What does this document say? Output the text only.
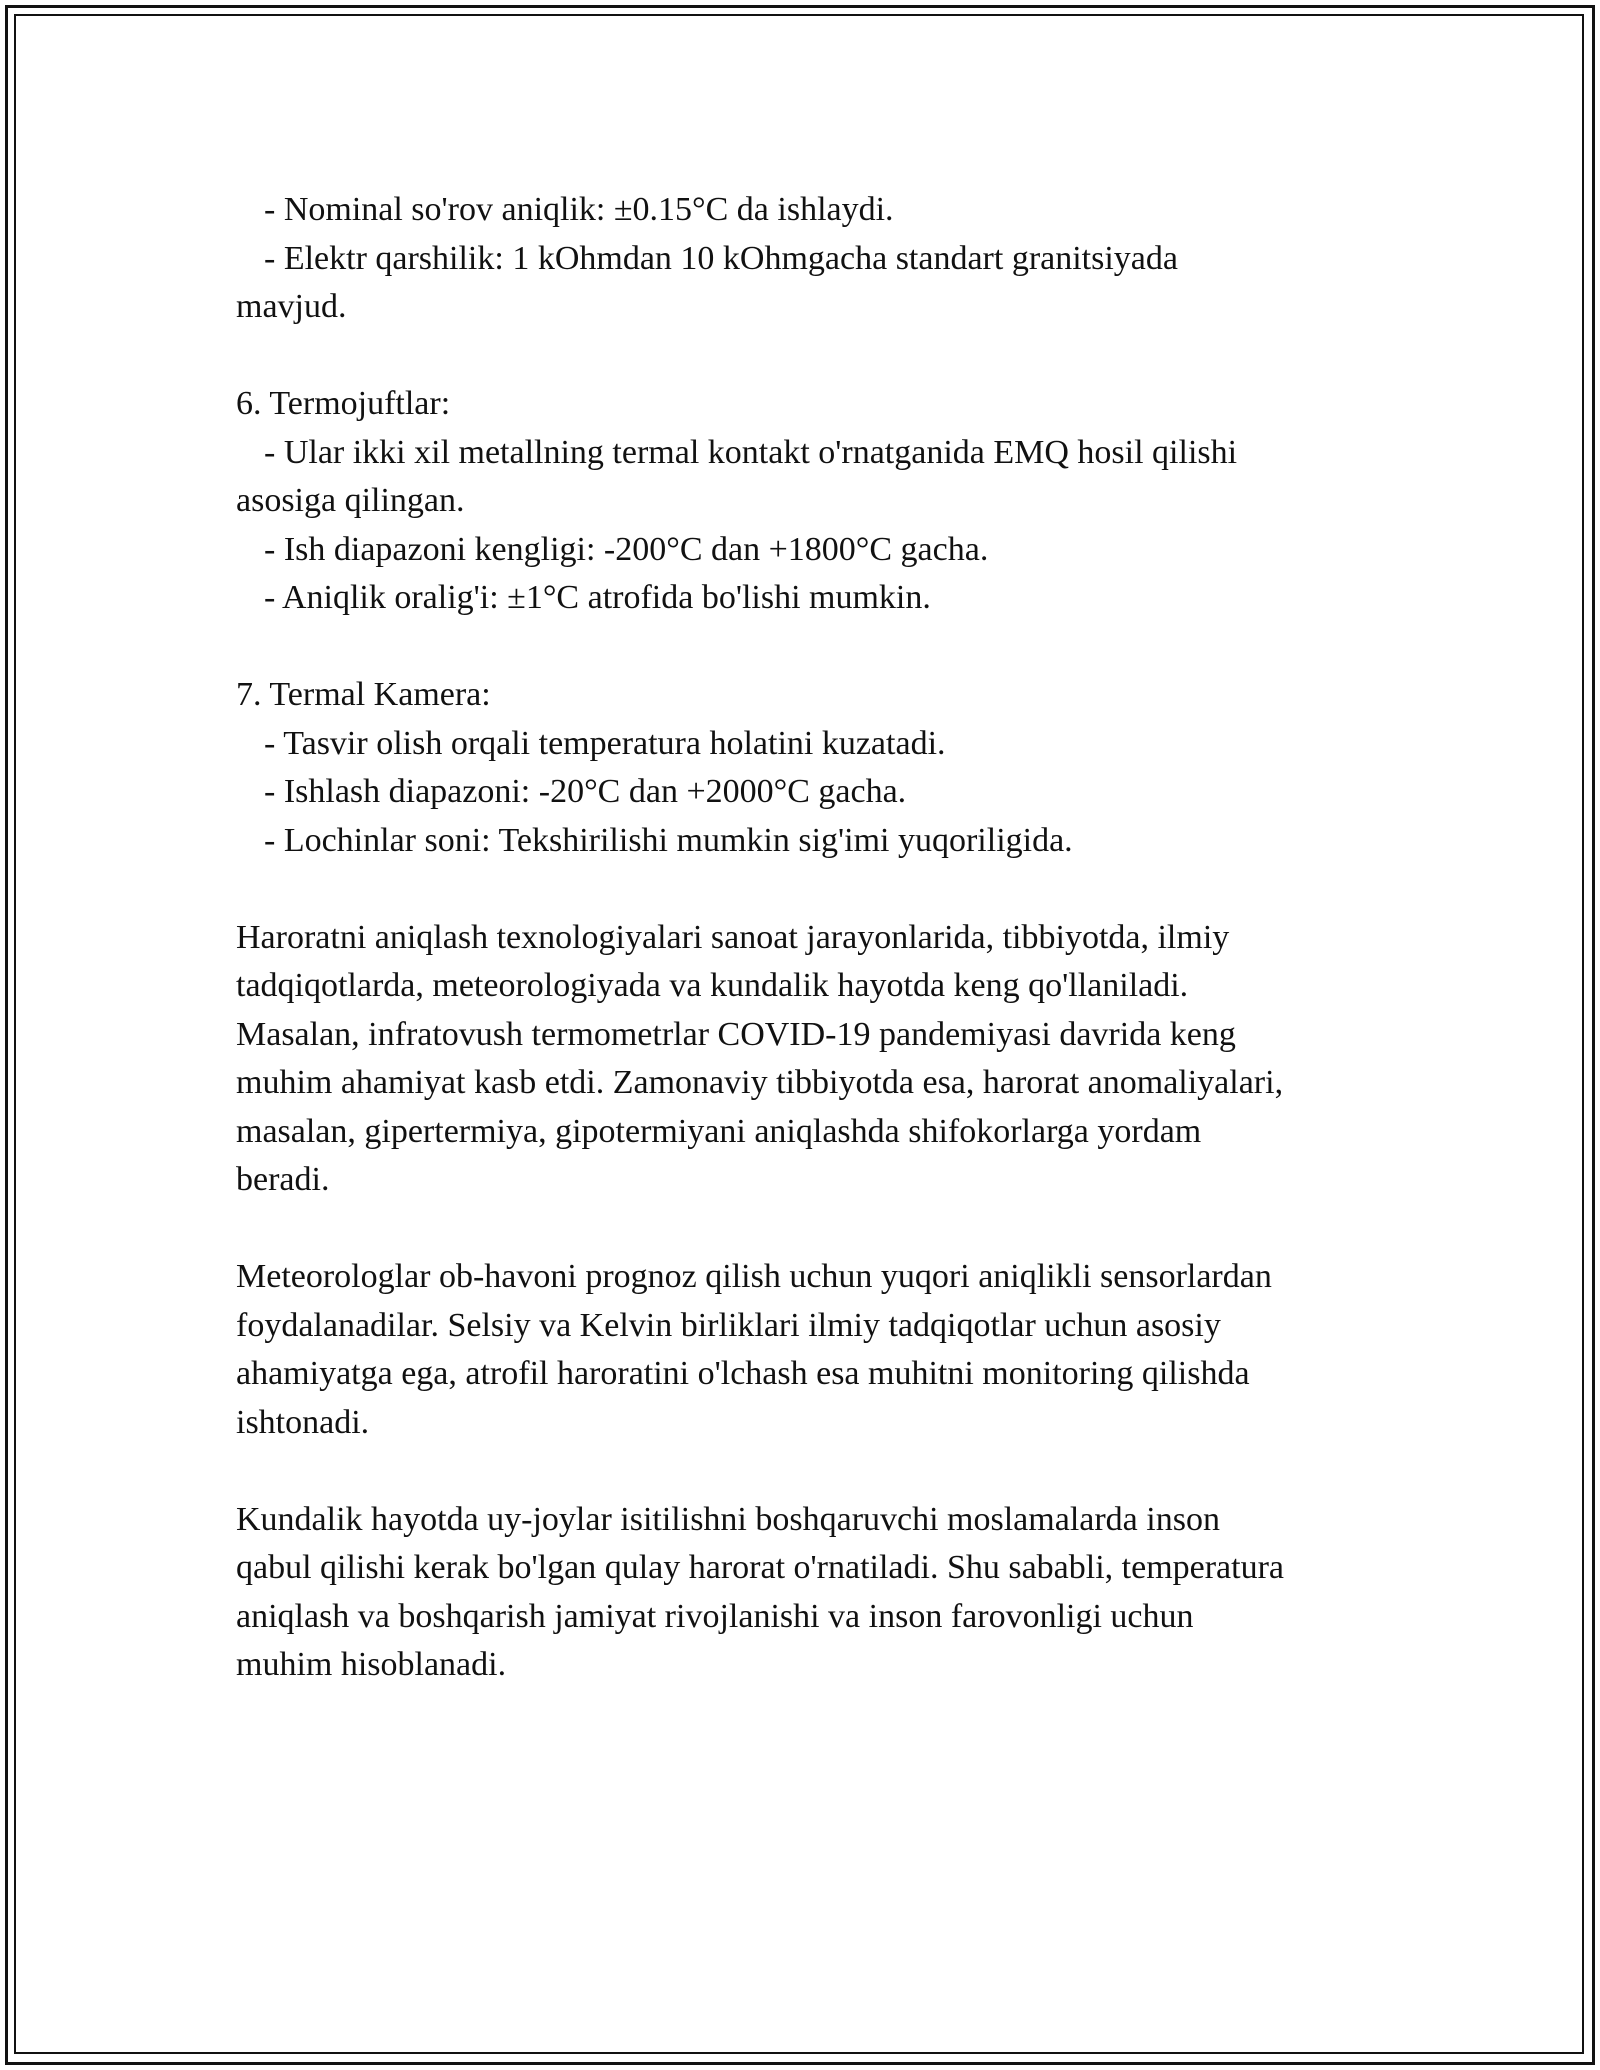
- Nominal so'rov aniqlik: ±0.15°C da ishlaydi.
- Elektr qarshilik: 1 kOhmdan 10 kOhmgacha standart granitsiyada
mavjud.
6. Termojuftlar:
- Ular ikki xil metallning termal kontakt o'rnatganida EMQ hosil qilishi
asosiga qilingan.
- Ish diapazoni kengligi: -200°C dan +1800°C gacha.
- Aniqlik oralig'i: ±1°C atrofida bo'lishi mumkin.
7. Termal Kamera:
- Tasvir olish orqali temperatura holatini kuzatadi.
- Ishlash diapazoni: -20°C dan +2000°C gacha.
- Lochinlar soni: Tekshirilishi mumkin sig'imi yuqoriligida.
Haroratni aniqlash texnologiyalari sanoat jarayonlarida, tibbiyotda, ilmiy
tadqiqotlarda, meteorologiyada va kundalik hayotda keng qo'llaniladi.
Masalan, infratovush termometrlar COVID-19 pandemiyasi davrida keng
muhim ahamiyat kasb etdi. Zamonaviy tibbiyotda esa, harorat anomaliyalari,
masalan, gipertermiya, gipotermiyani aniqlashda shifokorlarga yordam
beradi.
Meteorologlar ob-havoni prognoz qilish uchun yuqori aniqlikli sensorlardan
foydalanadilar. Selsiy va Kelvin birliklari ilmiy tadqiqotlar uchun asosiy
ahamiyatga ega, atrofil haroratini o'lchash esa muhitni monitoring qilishda
ishtonadi.
Kundalik hayotda uy-joylar isitilishni boshqaruvchi moslamalarda inson
qabul qilishi kerak bo'lgan qulay harorat o'rnatiladi. Shu sababli, temperatura
aniqlash va boshqarish jamiyat rivojlanishi va inson farovonligi uchun
muhim hisoblanadi.
